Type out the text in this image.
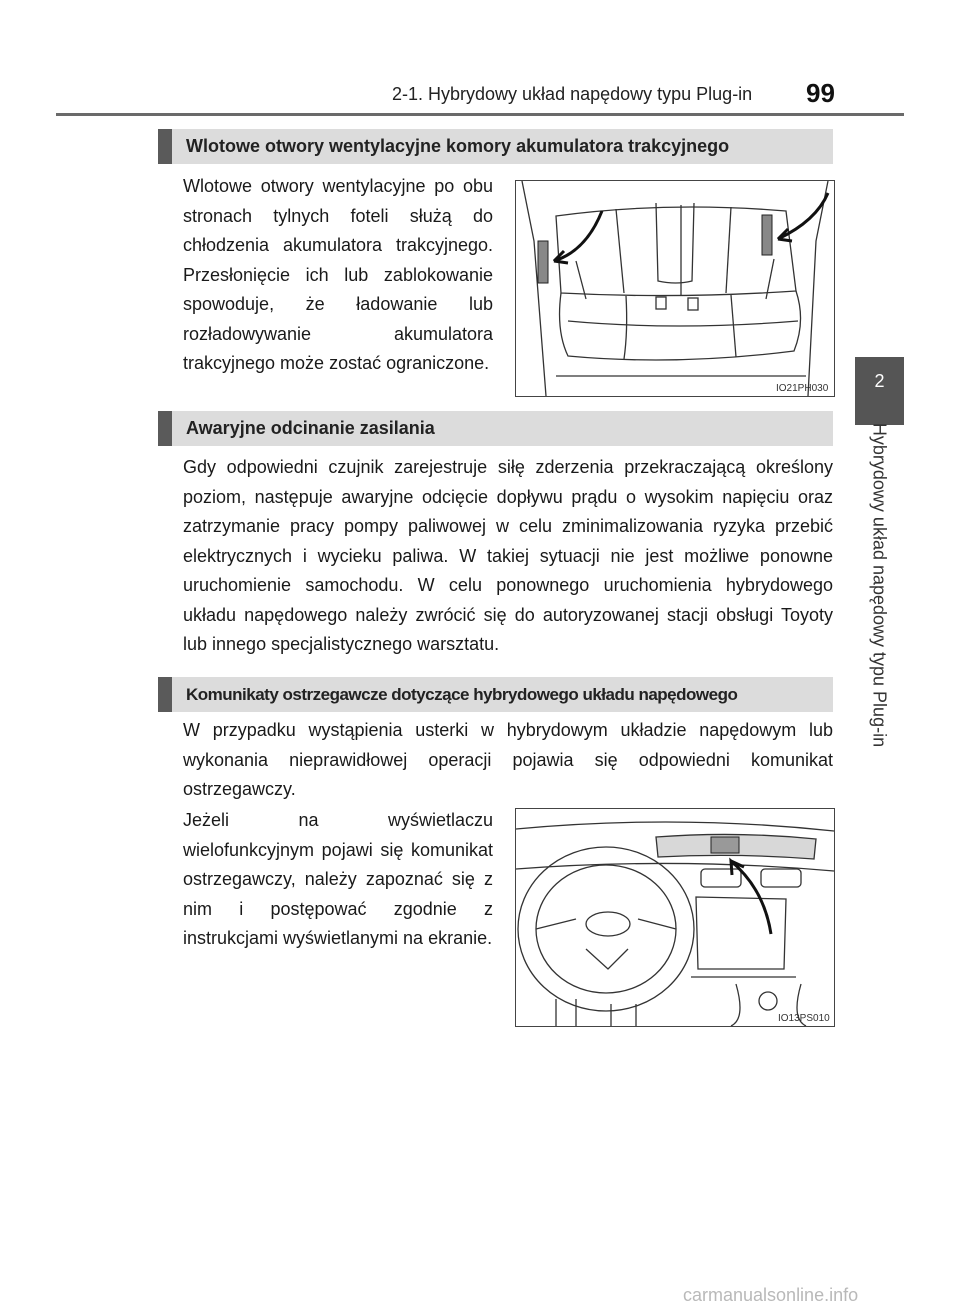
2-1. Hybrydowy układ napędowy typu Plug-in 99
2
Hybrydowy układ napędowy typu Plug-in
Wlotowe otwory wentylacyjne komory akumulatora trakcyjnego
Wlotowe otwory wentylacyjne po obu stronach tylnych foteli służą do chłodzenia akumulatora trakcyjnego. Przesłonięcie ich lub zablokowanie spowoduje, że ładowanie lub rozładowywanie akumulatora trakcyjnego może zostać ograniczone.
IO21PH030
Awaryjne odcinanie zasilania
Gdy odpowiedni czujnik zarejestruje siłę zderzenia przekraczającą określony poziom, następuje awaryjne odcięcie dopływu prądu o wysokim napięciu oraz zatrzymanie pracy pompy paliwowej w celu zminimalizowania ryzyka przebić elektrycznych i wycieku paliwa. W takiej sytuacji nie jest możliwe ponowne uruchomienie samochodu. W celu ponownego uruchomienia hybrydowego układu napędowego należy zwrócić się do autoryzowanej stacji obsługi Toyoty lub innego specjalistycznego warsztatu.
Komunikaty ostrzegawcze dotyczące hybrydowego układu napędowego
W przypadku wystąpienia usterki w hybrydowym układzie napędowym lub wykonania nieprawidłowej operacji pojawia się odpowiedni komunikat ostrzegawczy.
Jeżeli na wyświetlaczu wielofunkcyjnym pojawi się komunikat ostrzegawczy, należy zapoznać się z nim i postępować zgodnie z instrukcjami wyświetlanymi na ekranie.
IO13PS010
carmanualsonline.info
